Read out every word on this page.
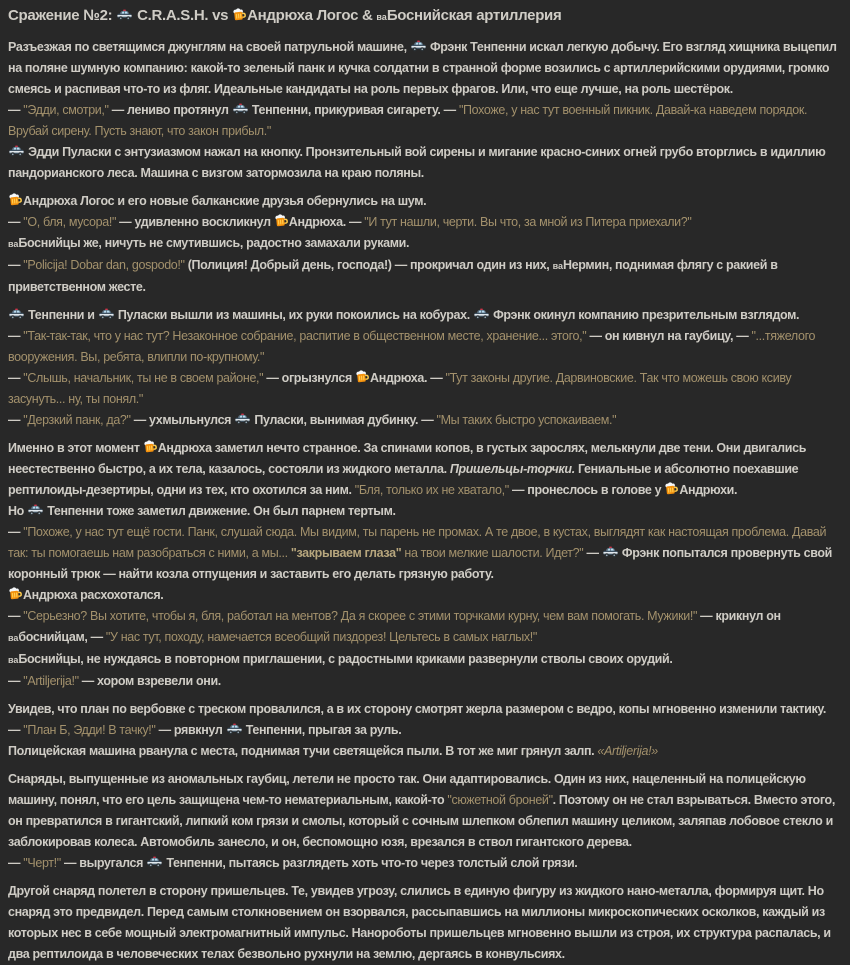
Сражение №2:  C.R.A.S.H. vs Андрюха Логос & ваБоснийская артиллерия

Разъезжая по светящимся джунглям на своей патрульной машине,  Фрэнк Тенпенни искал легкую добычу. Его взгляд хищника выцепил на поляне шумную компанию: какой-то зеленый панк и кучка солдатни в странной форме возились с артиллерийскими орудиями, громко смеясь и распивая что-то из фляг. Идеальные кандидаты на роль первых фрагов. Или, что еще лучше, на роль шестёрок.

— "Эдди, смотри," — лениво протянул  Тенпенни, прикуривая сигарету. — "Похоже, у нас тут военный пикник. Давай-ка наведем порядок. Врубай сирену. Пусть знают, что закон прибыл."

Эдди Пуласки с энтузиазмом нажал на кнопку. Пронзительный вой сирены и мигание красно-синих огней грубо вторглись в идиллию пандорианского леса. Машина с визгом затормозила на краю поляны.

Андрюха Логос и его новые балканские друзья обернулись на шум.

— "О, бля, мусора!" — удивленно воскликнул Андрюха. — "И тут нашли, черти. Вы что, за мной из Питера приехали?"

ваБоснийцы же, ничуть не смутившись, радостно замахали руками.

— "Policija! Dobar dan, gospodo!" (Полиция! Добрый день, господа!) — прокричал один из них, ваНермин, поднимая флягу с ракией в приветственном жесте.

Тенпенни и  Пуласки вышли из машины, их руки покоились на кобурах.  Фрэнк окинул компанию презрительным взглядом.

— "Так-так-так, что у нас тут? Незаконное собрание, распитие в общественном месте, хранение... этого," — он кивнул на гаубицу, — "...тяжелого вооружения. Вы, ребята, влипли по-крупному."

— "Слышь, начальник, ты не в своем районе," — огрызнулся Андрюха. — "Тут законы другие. Дарвиновские. Так что можешь свою ксиву засунуть... ну, ты понял."

— "Дерзкий панк, да?" — ухмыльнулся  Пуласки, вынимая дубинку. — "Мы таких быстро успокаиваем."

Именно в этот момент Андрюха заметил нечто странное. За спинами копов, в густых зарослях, мелькнули две тени. Они двигались неестественно быстро, а их тела, казалось, состояли из жидкого металла. Пришельцы-торчки. Гениальные и абсолютно поехавшие рептилоиды-дезертиры, одни из тех, кто охотился за ним. "Бля, только их не хватало," — пронеслось в голове у Андрюхи.

Но  Тенпенни тоже заметил движение. Он был парнем тертым.

— "Похоже, у нас тут ещё гости. Панк, слушай сюда. Мы видим, ты парень не промах. А те двое, в кустах, выглядят как настоящая проблема. Давай так: ты помогаешь нам разобраться с ними, а мы... "закрываем глаза" на твои мелкие шалости. Идет?" —  Фрэнк попытался провернуть свой коронный трюк — найти козла отпущения и заставить его делать грязную работу.

Андрюха расхохотался.

— "Серьезно? Вы хотите, чтобы я, бля, работал на ментов? Да я скорее с этими торчками курну, чем вам помогать. Мужики!" — крикнул он вабоснийцам, — "У нас тут, походу, намечается всеобщий пиздорез! Цельтесь в самых наглых!"

ваБоснийцы, не нуждаясь в повторном приглашении, с радостными криками развернули стволы своих орудий.

— "Artiljerija!" — хором взревели они.

Увидев, что план по вербовке с треском провалился, а в их сторону смотрят жерла размером с ведро, копы мгновенно изменили тактику.

— "План Б, Эдди! В тачку!" — рявкнул  Тенпенни, прыгая за руль.

Полицейская машина рванула с места, поднимая тучи светящейся пыли. В тот же миг грянул залп. «Artiljerija!»

Снаряды, выпущенные из аномальных гаубиц, летели не просто так. Они адаптировались. Один из них, нацеленный на полицейскую машину, понял, что его цель защищена чем-то нематериальным, какой-то "сюжетной броней". Поэтому он не стал взрываться. Вместо этого, он превратился в гигантский, липкий ком грязи и смолы, который с сочным шлепком облепил машину целиком, заляпав лобовое стекло и заблокировав колеса. Автомобиль занесло, и он, беспомощно юзя, врезался в ствол гигантского дерева.

— "Черт!" — выругался  Тенпенни, пытаясь разглядеть хоть что-то через толстый слой грязи.

Другой снаряд полетел в сторону пришельцев. Те, увидев угрозу, слились в единую фигуру из жидкого нано-металла, формируя щит. Но снаряд это предвидел. Перед самым столкновением он взорвался, рассыпавшись на миллионы микроскопических осколков, каждый из которых нес в себе мощный электромагнитный импульс. Нанороботы пришельцев мгновенно вышли из строя, их структура распалась, и два рептилоида в человеческих телах безвольно рухнули на землю, дергаясь в конвульсиях.
